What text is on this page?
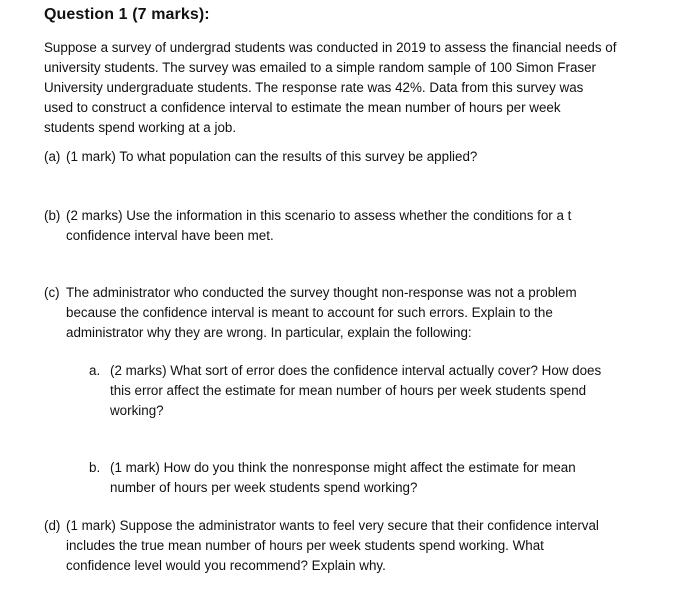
Question 1 (7 marks):
Suppose a survey of undergrad students was conducted in 2019 to assess the financial needs of
university students. The survey was emailed to a simple random sample of 100 Simon Fraser
University undergraduate students. The response rate was 42%. Data from this survey was
used to construct a confidence interval to estimate the mean number of hours per week
students spend working at a job.
(a) (1 mark) To what population can the results of this survey be applied?
(b) (2 marks) Use the information in this scenario to assess whether the conditions for a t
confidence interval have been met.
(c) The administrator who conducted the survey thought non-response was not a problem
because the confidence interval is meant to account for such errors. Explain to the
administrator why they are wrong. In particular, explain the following:
a. (2 marks) What sort of error does the confidence interval actually cover? How does
this error affect the estimate for mean number of hours per week students spend
working?
b. (1 mark) How do you think the nonresponse might affect the estimate for mean
number of hours per week students spend working?
(d) (1 mark) Suppose the administrator wants to feel very secure that their confidence interval
includes the true mean number of hours per week students spend working. What
confidence level would you recommend? Explain why.
